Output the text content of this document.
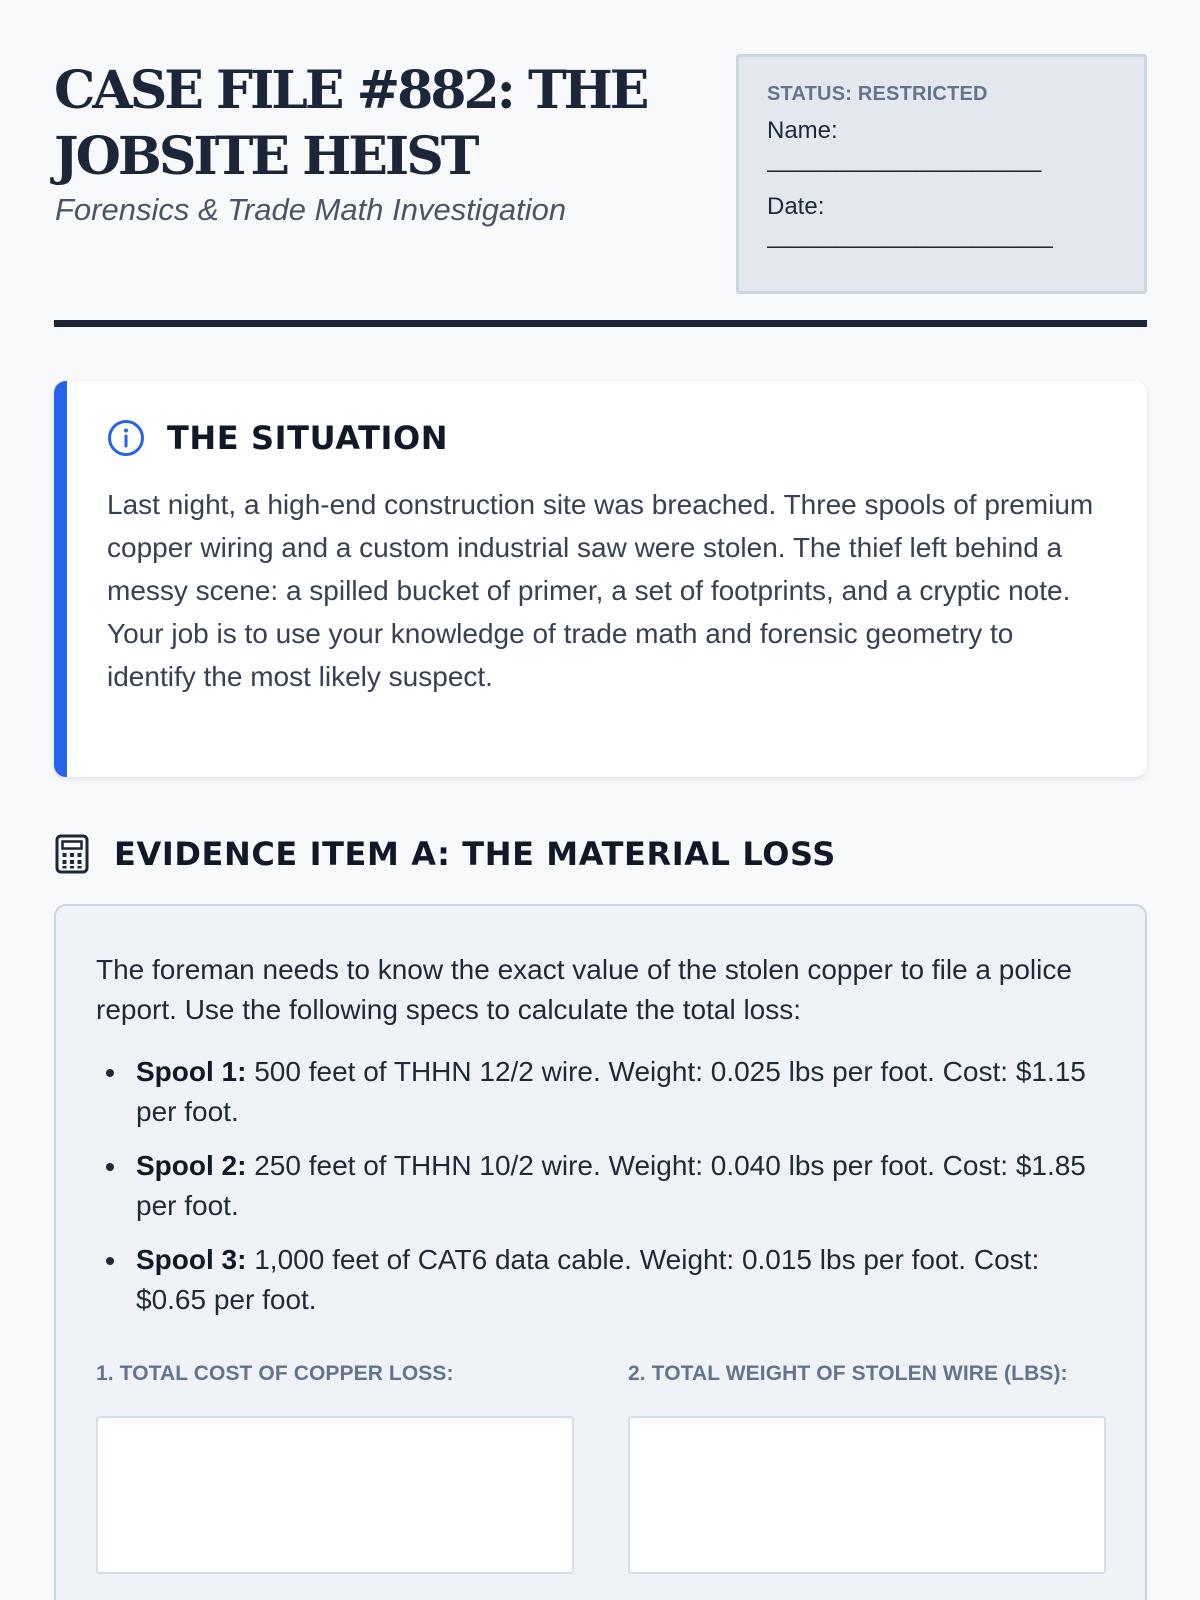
CASE FILE #882: THE JOBSITE HEIST
Forensics & Trade Math Investigation
STATUS: RESTRICTED
Name:
________________________
Date:
_________________________
THE SITUATION

Last night, a high-end construction site was breached. Three spools of premium copper wiring and a custom industrial saw were stolen. The thief left behind a messy scene: a spilled bucket of primer, a set of footprints, and a cryptic note. Your job is to use your knowledge of trade math and forensic geometry to identify the most likely suspect.

EVIDENCE ITEM A: THE MATERIAL LOSS

The foreman needs to know the exact value of the stolen copper to file a police report. Use the following specs to calculate the total loss:

Spool 1: 500 feet of THHN 12/2 wire. Weight: 0.025 lbs per foot. Cost: $1.15 per foot.
Spool 2: 250 feet of THHN 10/2 wire. Weight: 0.040 lbs per foot. Cost: $1.85 per foot.
Spool 3: 1,000 feet of CAT6 data cable. Weight: 0.015 lbs per foot. Cost: $0.65 per foot.
1. TOTAL COST OF COPPER LOSS:	2. TOTAL WEIGHT OF STOLEN WIRE (LBS):
